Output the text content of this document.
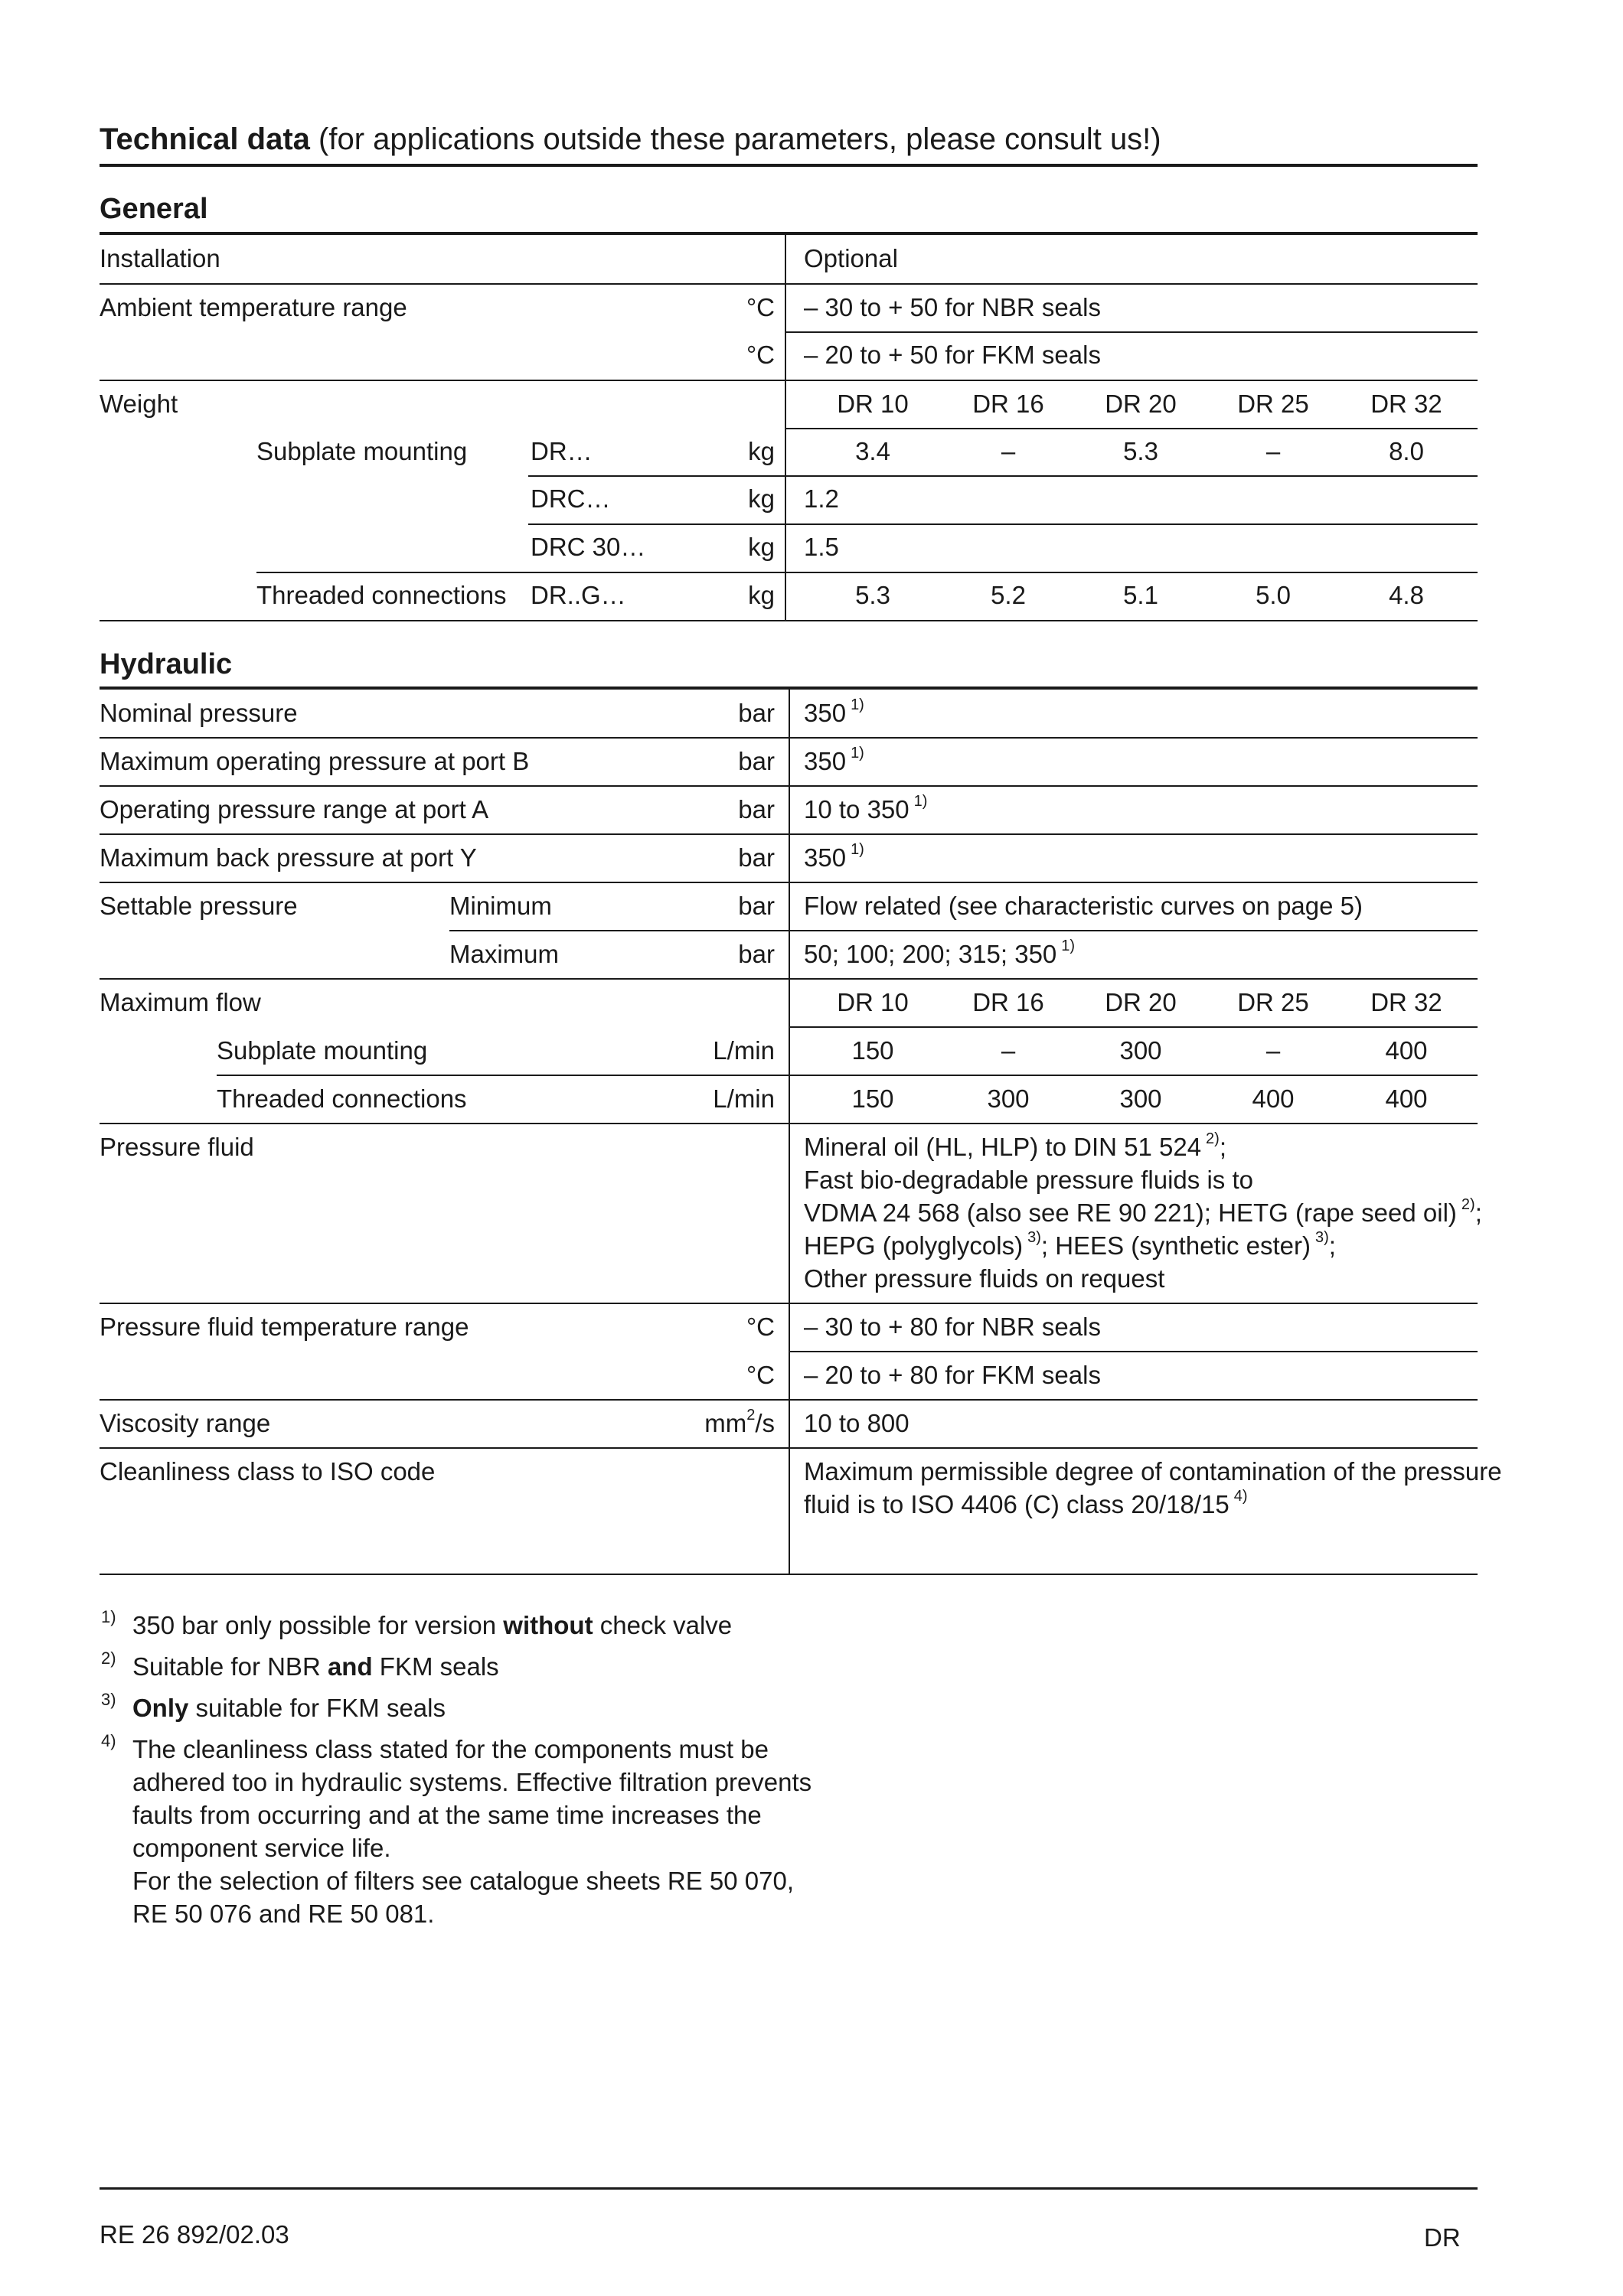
Technical data (for applications outside these parameters, please consult us!)
General
Installation	Optional
Ambient temperature range	°C – 30 to + 50 for NBR seals
°C – 20 to + 50 for FKM seals
Weight	DR 10	DR 16	DR 20	DR 25	DR 32
Subplate mounting	DR…	kg	3.4	–	5.3	–	8.0
DRC…	kg 1.2
DRC 30…	kg 1.5
Threaded connections DR..G…	kg	5.3	5.2	5.1	5.0	4.8
Hydraulic
Nominal pressure	bar 350 $^{1)}$
Maximum operating pressure at port B	bar 350 $^{1)}$
Operating pressure range at port A	bar 10 to 350 $^{1)}$
Maximum back pressure at port Y	bar 350 $^{1)}$
Settable pressure	Minimum	bar Flow related (see characteristic curves on page 5)
Maximum	bar 50; 100; 200; 315; 350 $^{1)}$
Maximum flow	DR 10	DR 16	DR 20	DR 25	DR 32
Subplate mounting	L/min	150	–	300	–	400
Threaded connections	L/min	150	300	300	400	400
Pressure fluid	Mineral oil (HL, HLP) to DIN 51 524 $^{2)}$;
Fast bio-degradable pressure fluids is to
VDMA 24 568 (also see RE 90 221); HETG (rape seed oil) $^{2)}$;
HEPG (polyglycols) $^{3)}$; HEES (synthetic ester) $^{3)}$;
Other pressure fluids on request
Pressure fluid temperature range	°C – 30 to + 80 for NBR seals
°C – 20 to + 80 for FKM seals
Viscosity range	$mm^2/s$ 10 to 800
Cleanliness class to ISO code	Maximum permissible degree of contamination of the pressure
fluid is to ISO 4406 (C) class 20/18/15 $^{4)}$
1) 350 bar only possible for version without check valve
2) Suitable for NBR and FKM seals
3) Only suitable for FKM seals
4) The cleanliness class stated for the components must be
adhered too in hydraulic systems. Effective filtration prevents
faults from occurring and at the same time increases the
component service life.
For the selection of filters see catalogue sheets RE 50 070,
RE 50 076 and RE 50 081.
RE 26 892/02.03	DR
